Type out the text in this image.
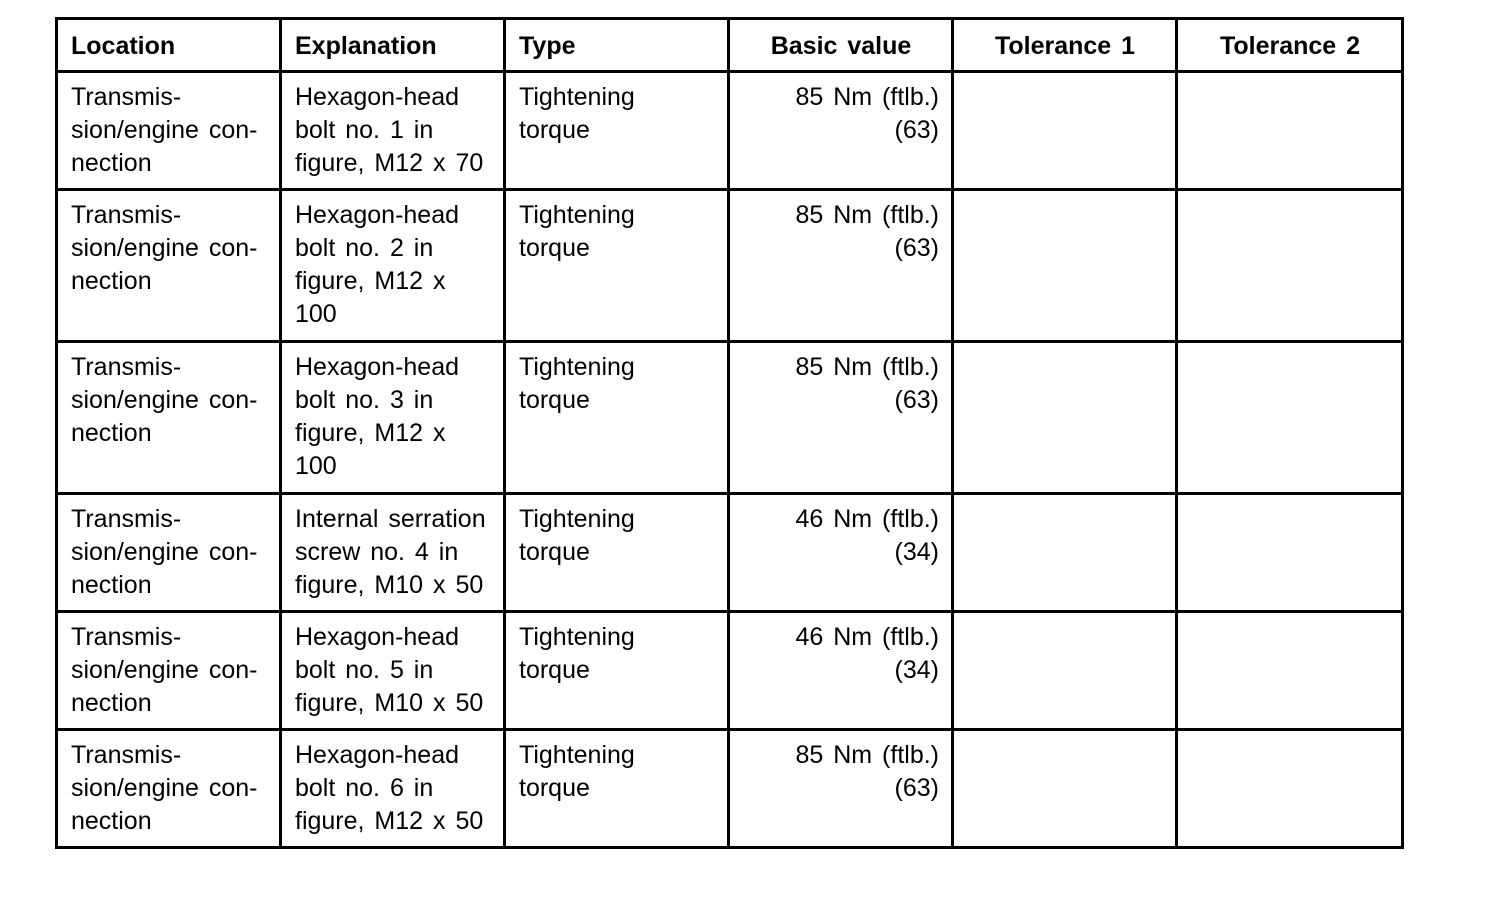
Location	Explanation	Type	Basic value	Tolerance 1	Tolerance 2

Transmis-
sion/engine con-
nection	Hexagon-head
bolt no. 1 in
figure, M12 x 70	Tightening
torque	85 Nm (ftlb.)
(63)		

Transmis-
sion/engine con-
nection	Hexagon-head
bolt no. 2 in
figure, M12 x
100	Tightening
torque	85 Nm (ftlb.)
(63)		

Transmis-
sion/engine con-
nection	Hexagon-head
bolt no. 3 in
figure, M12 x
100	Tightening
torque	85 Nm (ftlb.)
(63)		

Transmis-
sion/engine con-
nection	Internal serration
screw no. 4 in
figure, M10 x 50	Tightening
torque	46 Nm (ftlb.)
(34)		

Transmis-
sion/engine con-
nection	Hexagon-head
bolt no. 5 in
figure, M10 x 50	Tightening
torque	46 Nm (ftlb.)
(34)		

Transmis-
sion/engine con-
nection	Hexagon-head
bolt no. 6 in
figure, M12 x 50	Tightening
torque	85 Nm (ftlb.)
(63)		
